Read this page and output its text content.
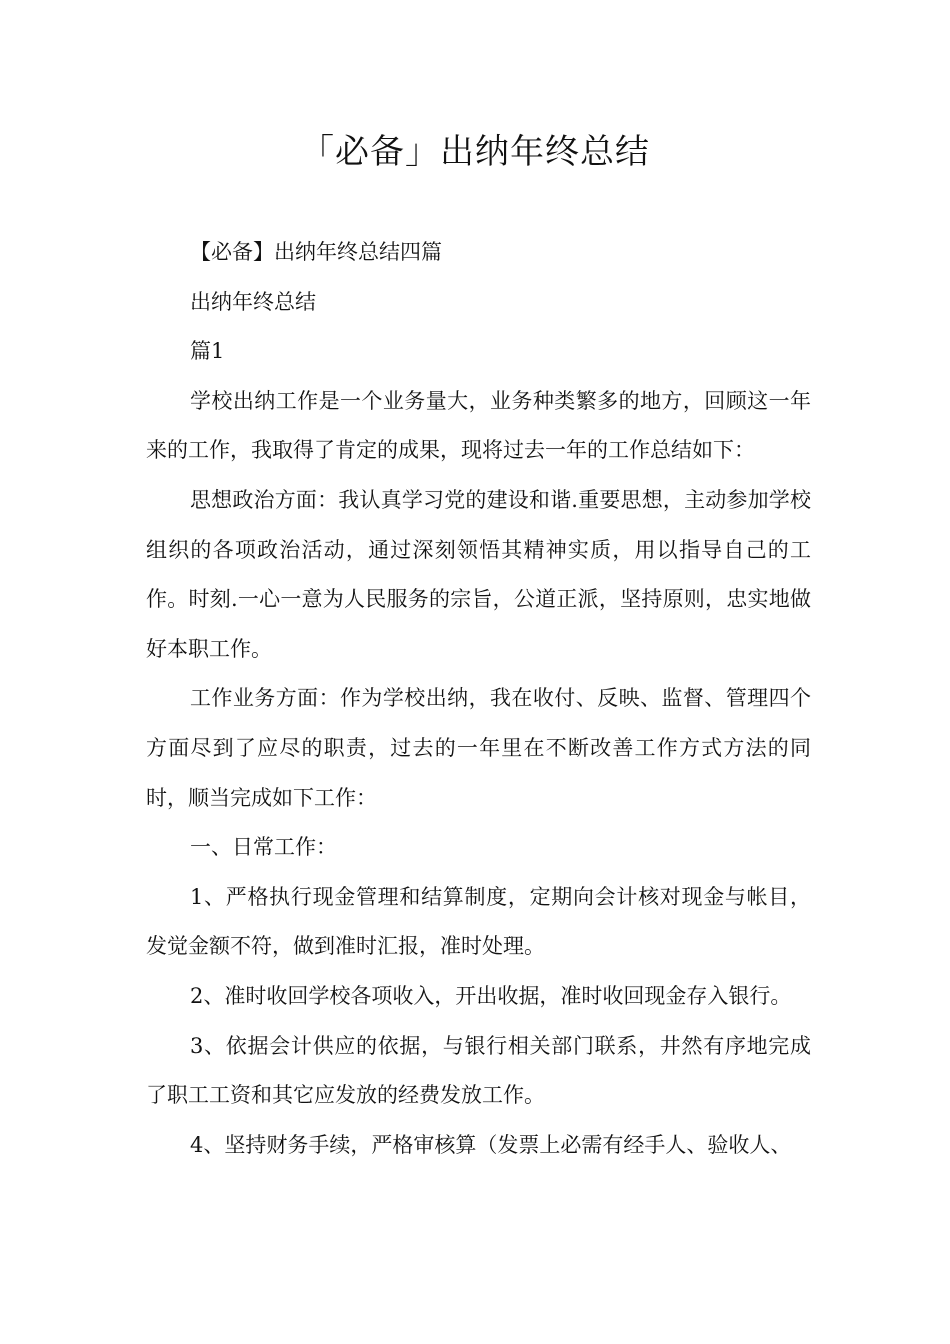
「必备」出纳年终总结

【必备】出纳年终总结四篇

出纳年终总结

篇1

学校出纳工作是一个业务量大，业务种类繁多的地方，回顾这一年来的工作，我取得了肯定的成果，现将过去一年的工作总结如下：

思想政治方面：我认真学习党的建设和谐.重要思想，主动参加学校组织的各项政治活动，通过深刻领悟其精神实质，用以指导自己的工作。时刻.一心一意为人民服务的宗旨，公道正派，坚持原则，忠实地做好本职工作。

工作业务方面：作为学校出纳，我在收付、反映、监督、管理四个方面尽到了应尽的职责，过去的一年里在不断改善工作方式方法的同时，顺当完成如下工作：

一、日常工作：

1、严格执行现金管理和结算制度，定期向会计核对现金与帐目，发觉金额不符，做到准时汇报，准时处理。

2、准时收回学校各项收入，开出收据，准时收回现金存入银行。

3、依据会计供应的依据，与银行相关部门联系，井然有序地完成了职工工资和其它应发放的经费发放工作。

4、坚持财务手续，严格审核算（发票上必需有经手人、验收人、
